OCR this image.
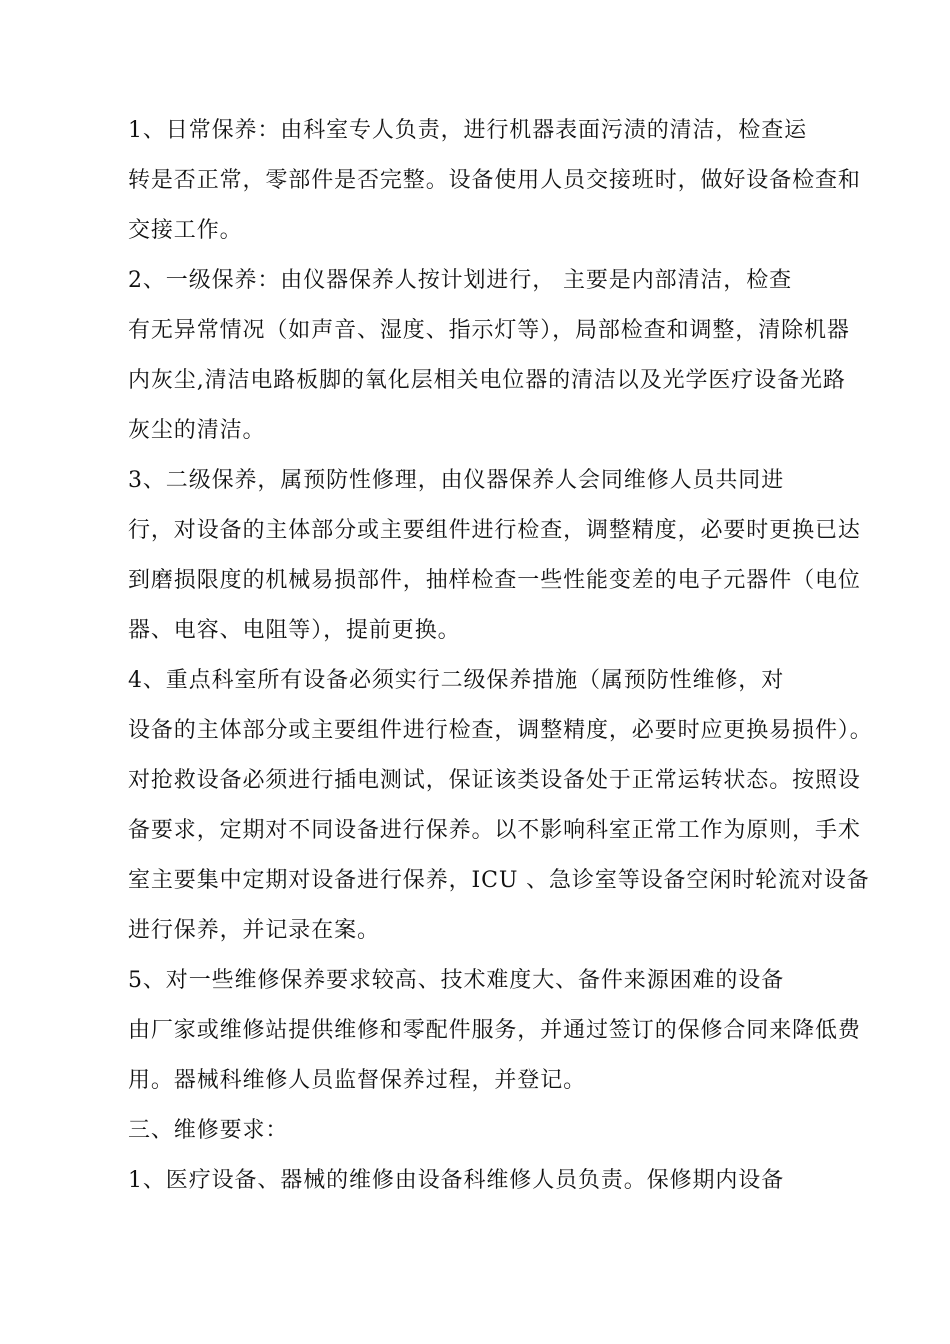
1、日常保养：由科室专人负责，进行机器表面污渍的清洁，检查运
转是否正常，零部件是否完整。设备使用人员交接班时，做好设备检查和
交接工作。
2、一级保养：由仪器保养人按计划进行， 主要是内部清洁，检查
有无异常情况（如声音、湿度、指示灯等），局部检查和调整，清除机器
内灰尘,清洁电路板脚的氧化层相关电位器的清洁以及光学医疗设备光路
灰尘的清洁。
3、二级保养，属预防性修理，由仪器保养人会同维修人员共同进
行，对设备的主体部分或主要组件进行检查，调整精度，必要时更换已达
到磨损限度的机械易损部件，抽样检查一些性能变差的电子元器件（电位
器、电容、电阻等），提前更换。
4、重点科室所有设备必须实行二级保养措施（属预防性维修，对
设备的主体部分或主要组件进行检查，调整精度，必要时应更换易损件）。
对抢救设备必须进行插电测试，保证该类设备处于正常运转状态。按照设
备要求，定期对不同设备进行保养。以不影响科室正常工作为原则，手术
室主要集中定期对设备进行保养，ICU 、急诊室等设备空闲时轮流对设备
进行保养，并记录在案。
5、对一些维修保养要求较高、技术难度大、备件来源困难的设备
由厂家或维修站提供维修和零配件服务，并通过签订的保修合同来降低费
用。器械科维修人员监督保养过程，并登记。
三、维修要求：
1、医疗设备、器械的维修由设备科维修人员负责。保修期内设备
